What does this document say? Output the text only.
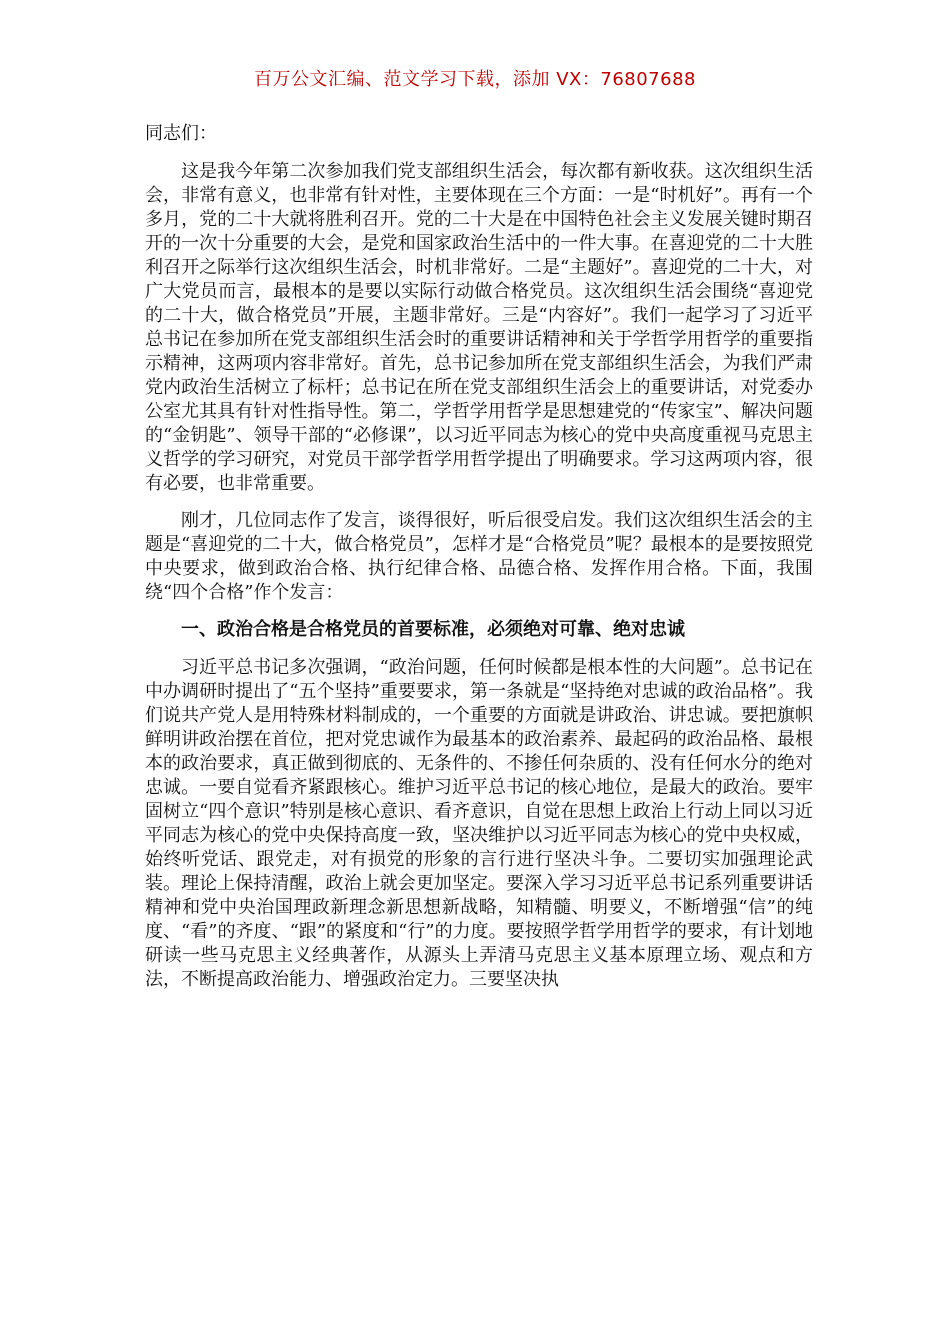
百万公文汇编、范文学习下载，添加 VX：76807688

同志们：

这是我今年第二次参加我们党支部组织生活会，每次都有新收获。这次组织生活会，非常有意义，也非常有针对性，主要体现在三个方面：一是“时机好”。再有一个多月，党的二十大就将胜利召开。党的二十大是在中国特色社会主义发展关键时期召开的一次十分重要的大会，是党和国家政治生活中的一件大事。在喜迎党的二十大胜利召开之际举行这次组织生活会，时机非常好。二是“主题好”。喜迎党的二十大，对广大党员而言，最根本的是要以实际行动做合格党员。这次组织生活会围绕“喜迎党的二十大，做合格党员”开展，主题非常好。三是“内容好”。我们一起学习了习近平总书记在参加所在党支部组织生活会时的重要讲话精神和关于学哲学用哲学的重要指示精神，这两项内容非常好。首先，总书记参加所在党支部组织生活会，为我们严肃党内政治生活树立了标杆；总书记在所在党支部组织生活会上的重要讲话，对党委办公室尤其具有针对性指导性。第二，学哲学用哲学是思想建党的“传家宝”、解决问题的“金钥匙”、领导干部的“必修课”，以习近平同志为核心的党中央高度重视马克思主义哲学的学习研究，对党员干部学哲学用哲学提出了明确要求。学习这两项内容，很有必要，也非常重要。

刚才，几位同志作了发言，谈得很好，听后很受启发。我们这次组织生活会的主题是“喜迎党的二十大，做合格党员”，怎样才是“合格党员”呢？最根本的是要按照党中央要求，做到政治合格、执行纪律合格、品德合格、发挥作用合格。下面，我围绕“四个合格”作个发言：

一、政治合格是合格党员的首要标准，必须绝对可靠、绝对忠诚

习近平总书记多次强调，“政治问题，任何时候都是根本性的大问题”。总书记在中办调研时提出了“五个坚持”重要要求，第一条就是“坚持绝对忠诚的政治品格”。我们说共产党人是用特殊材料制成的，一个重要的方面就是讲政治、讲忠诚。要把旗帜鲜明讲政治摆在首位，把对党忠诚作为最基本的政治素养、最起码的政治品格、最根本的政治要求，真正做到彻底的、无条件的、不掺任何杂质的、没有任何水分的绝对忠诚。一要自觉看齐紧跟核心。维护习近平总书记的核心地位，是最大的政治。要牢固树立“四个意识”特别是核心意识、看齐意识，自觉在思想上政治上行动上同以习近平同志为核心的党中央保持高度一致，坚决维护以习近平同志为核心的党中央权威，始终听党话、跟党走，对有损党的形象的言行进行坚决斗争。二要切实加强理论武装。理论上保持清醒，政治上就会更加坚定。要深入学习习近平总书记系列重要讲话精神和党中央治国理政新理念新思想新战略，知精髓、明要义，不断增强“信”的纯度、“看”的齐度、“跟”的紧度和“行”的力度。要按照学哲学用哲学的要求，有计划地研读一些马克思主义经典著作，从源头上弄清马克思主义基本原理立场、观点和方法，不断提高政治能力、增强政治定力。三要坚决执
